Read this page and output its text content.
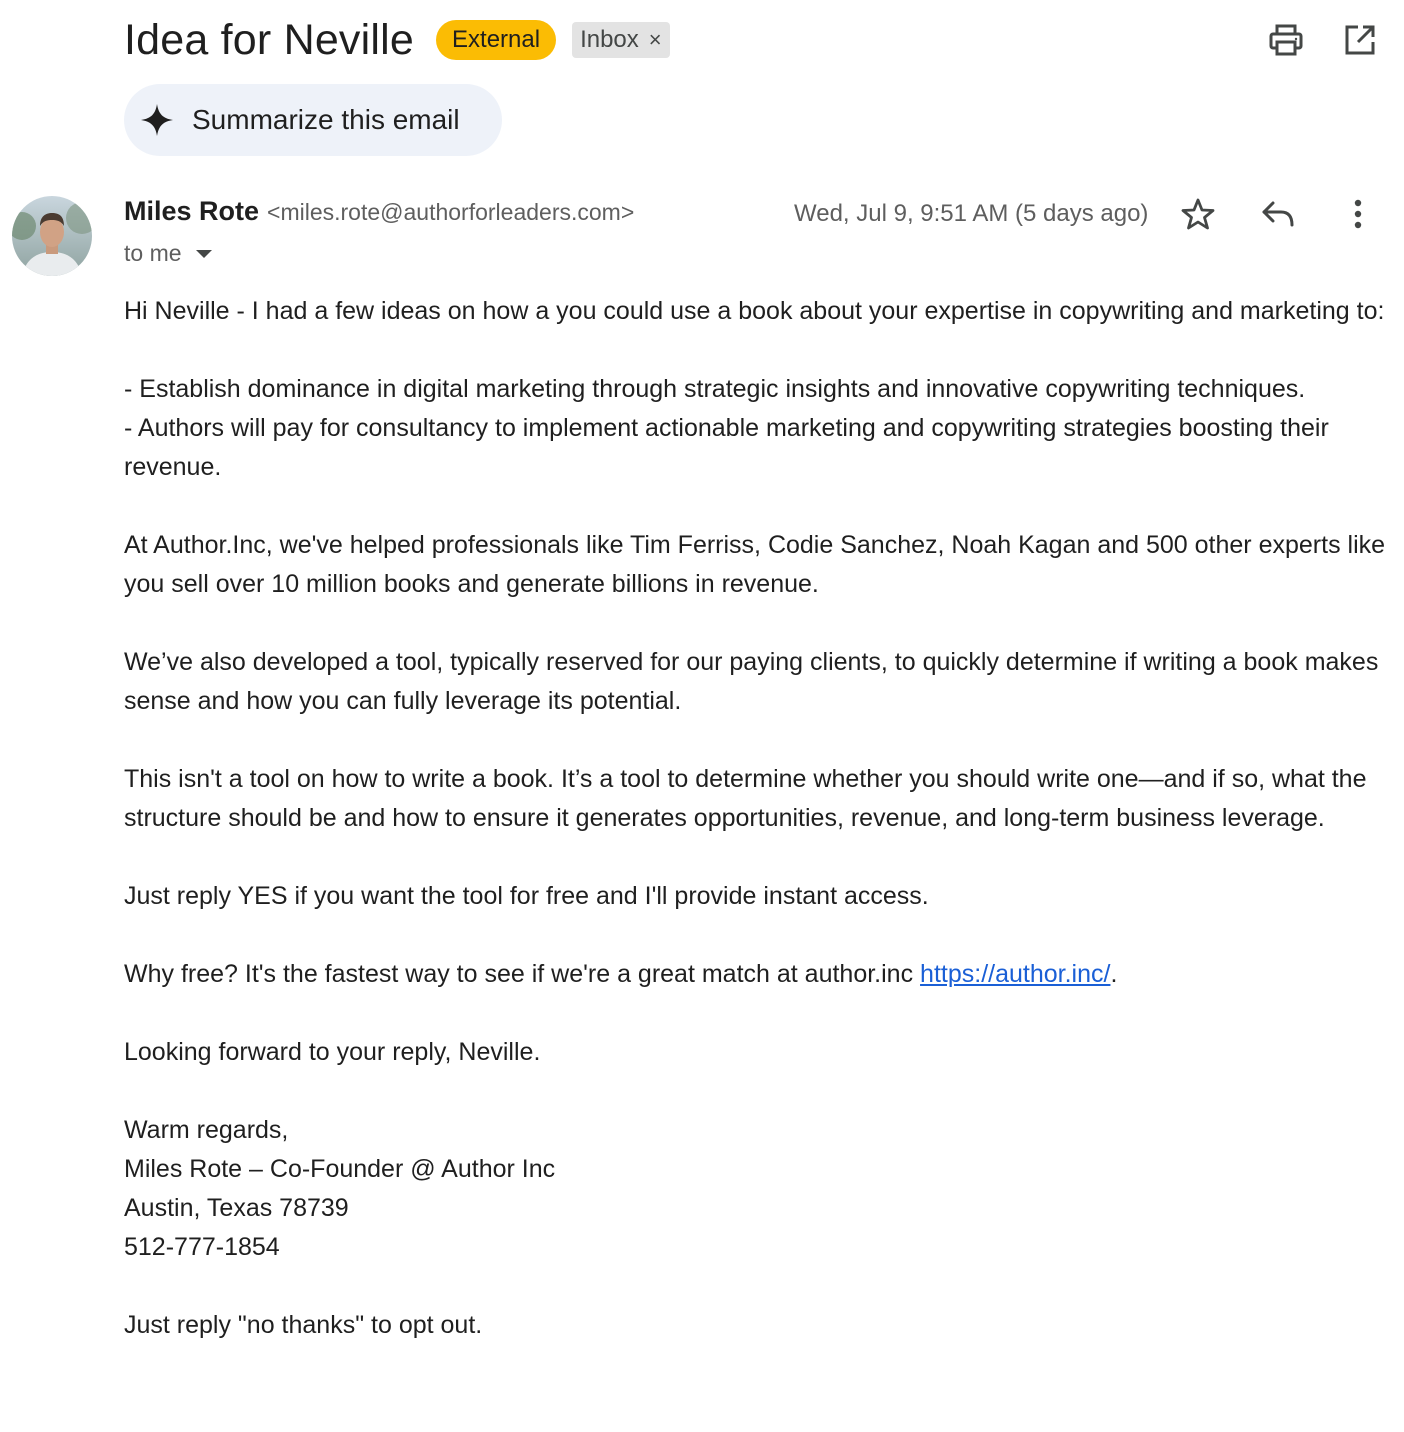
Idea for Neville	External	Inbox ×
Summarize this email
Miles Rote <miles.rote@authorforleaders.com>	Wed, Jul 9, 9:51 AM (5 days ago)
to me

Hi Neville - I had a few ideas on how a you could use a book about your expertise in copywriting and marketing to:

- Establish dominance in digital marketing through strategic insights and innovative copywriting techniques.
- Authors will pay for consultancy to implement actionable marketing and copywriting strategies boosting their revenue.

At Author.Inc, we've helped professionals like Tim Ferriss, Codie Sanchez, Noah Kagan and 500 other experts like you sell over 10 million books and generate billions in revenue.

We’ve also developed a tool, typically reserved for our paying clients, to quickly determine if writing a book makes sense and how you can fully leverage its potential.

This isn't a tool on how to write a book. It’s a tool to determine whether you should write one—and if so, what the structure should be and how to ensure it generates opportunities, revenue, and long-term business leverage.

Just reply YES if you want the tool for free and I'll provide instant access.

Why free? It's the fastest way to see if we're a great match at author.inc https://author.inc/.

Looking forward to your reply, Neville.

Warm regards,

Miles Rote – Co-Founder @ Author Inc

Austin, Texas 78739

512-777-1854

Just reply "no thanks" to opt out.
